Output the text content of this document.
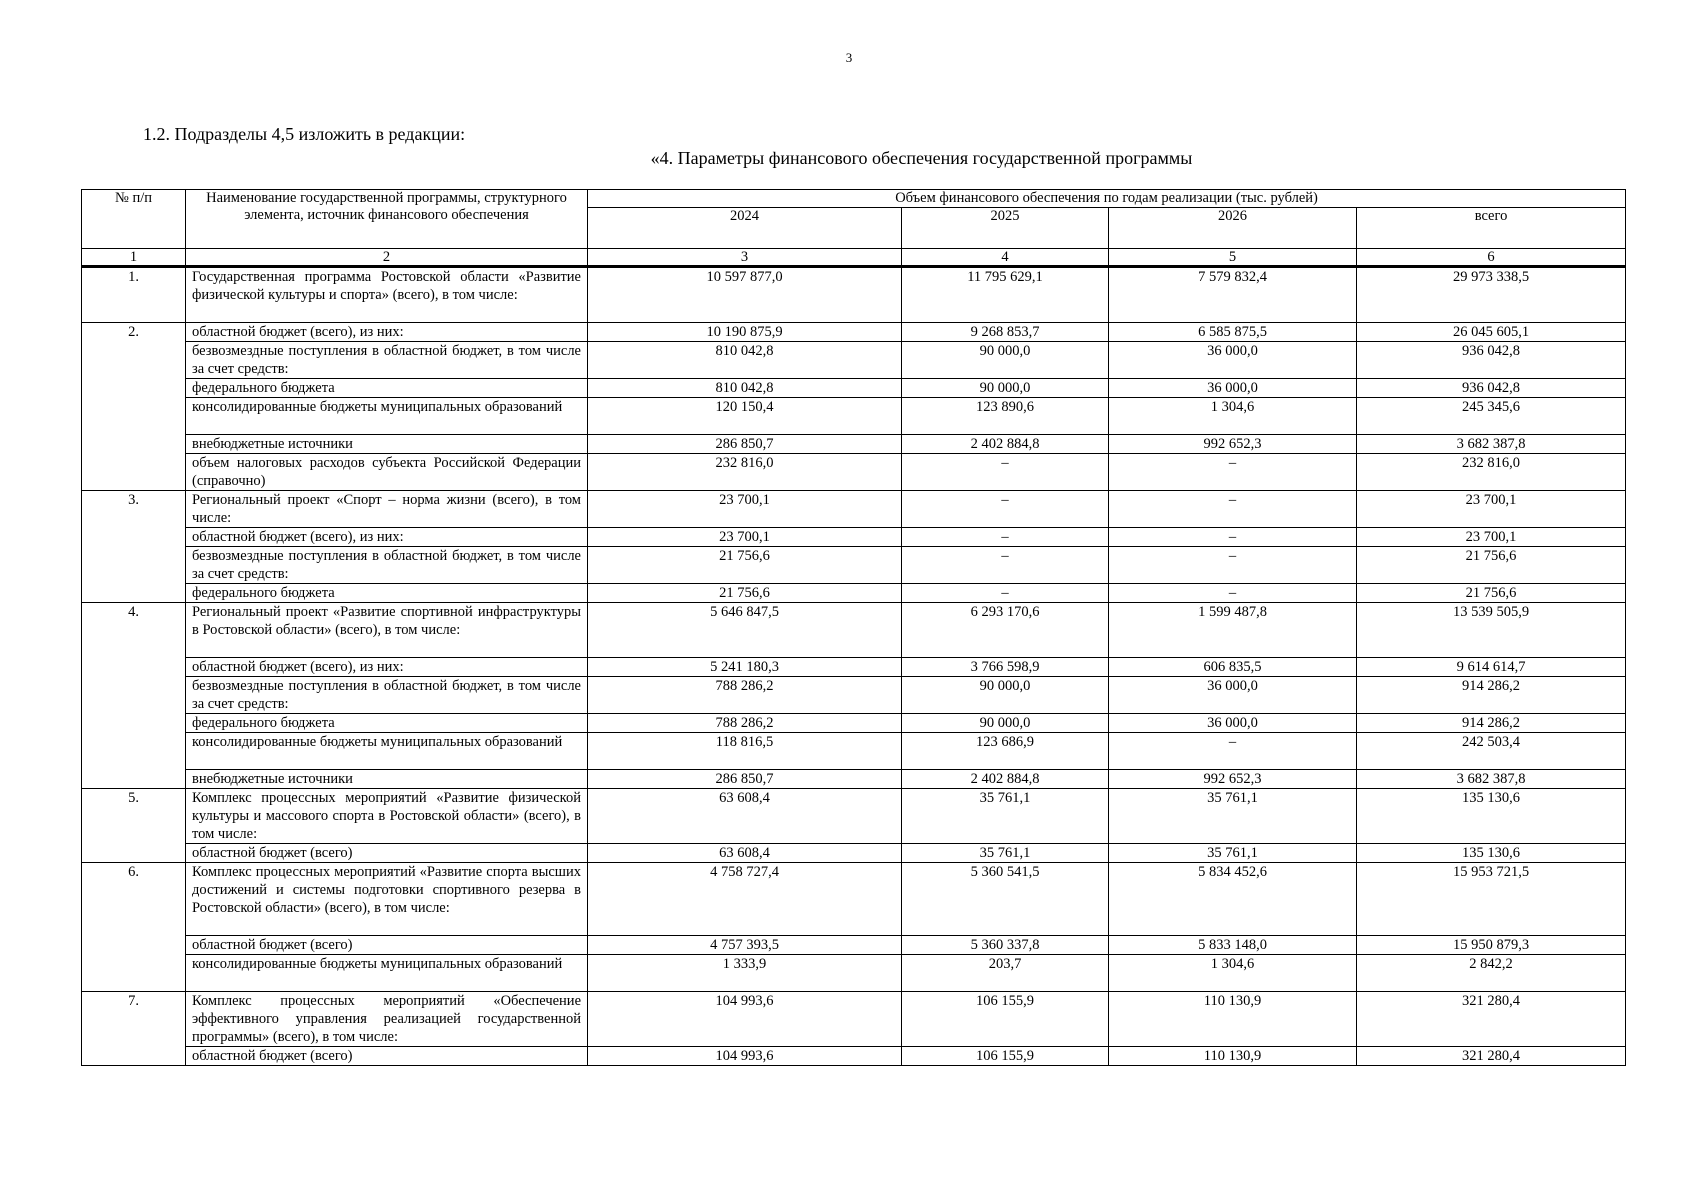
3
1.2. Подразделы 4,5 изложить в редакции:
«4. Параметры финансового обеспечения государственной программы
№ п/п	Наименование государственной программы, структурного элемента, источник финансового обеспечения	Объем финансового обеспечения по годам реализации (тыс. рублей)			
		2024	2025	2026	всего
1	2	3	4	5	6
1.	Государственная программа Ростовской области «Развитие физической культуры и спорта» (всего), в том числе:	10 597 877,0	11 795 629,1	7 579 832,4	29 973 338,5
2.	областной бюджет (всего), из них:	10 190 875,9	9 268 853,7	6 585 875,5	26 045 605,1
	безвозмездные поступления в областной бюджет, в том числе за счет средств:	810 042,8	90 000,0	36 000,0	936 042,8
	федерального бюджета	810 042,8	90 000,0	36 000,0	936 042,8
	консолидированные бюджеты муниципальных образований	120 150,4	123 890,6	1 304,6	245 345,6
	внебюджетные источники	286 850,7	2 402 884,8	992 652,3	3 682 387,8
	объем налоговых расходов субъекта Российской Федерации (справочно)	232 816,0	–	–	232 816,0
3.	Региональный проект «Спорт – норма жизни (всего), в том числе:	23 700,1	–	–	23 700,1
	областной бюджет (всего), из них:	23 700,1	–	–	23 700,1
	безвозмездные поступления в областной бюджет, в том числе за счет средств:	21 756,6	–	–	21 756,6
	федерального бюджета	21 756,6	–	–	21 756,6
4.	Региональный проект «Развитие спортивной инфраструктуры в Ростовской области» (всего), в том числе:	5 646 847,5	6 293 170,6	1 599 487,8	13 539 505,9
	областной бюджет (всего), из них:	5 241 180,3	3 766 598,9	606 835,5	9 614 614,7
	безвозмездные поступления в областной бюджет, в том числе за счет средств:	788 286,2	90 000,0	36 000,0	914 286,2
	федерального бюджета	788 286,2	90 000,0	36 000,0	914 286,2
	консолидированные бюджеты муниципальных образований	118 816,5	123 686,9	–	242 503,4
	внебюджетные источники	286 850,7	2 402 884,8	992 652,3	3 682 387,8
5.	Комплекс процессных мероприятий «Развитие физической культуры и массового спорта в Ростовской области» (всего), в том числе:	63 608,4	35 761,1	35 761,1	135 130,6
	областной бюджет (всего)	63 608,4	35 761,1	35 761,1	135 130,6
6.	Комплекс процессных мероприятий «Развитие спорта высших достижений и системы подготовки спортивного резерва в Ростовской области» (всего), в том числе:	4 758 727,4	5 360 541,5	5 834 452,6	15 953 721,5
	областной бюджет (всего)	4 757 393,5	5 360 337,8	5 833 148,0	15 950 879,3
	консолидированные бюджеты муниципальных образований	1 333,9	203,7	1 304,6	2 842,2
7.	Комплекс процессных мероприятий «Обеспечение эффективного управления реализацией государственной программы» (всего), в том числе:	104 993,6	106 155,9	110 130,9	321 280,4
	областной бюджет (всего)	104 993,6	106 155,9	110 130,9	321 280,4
